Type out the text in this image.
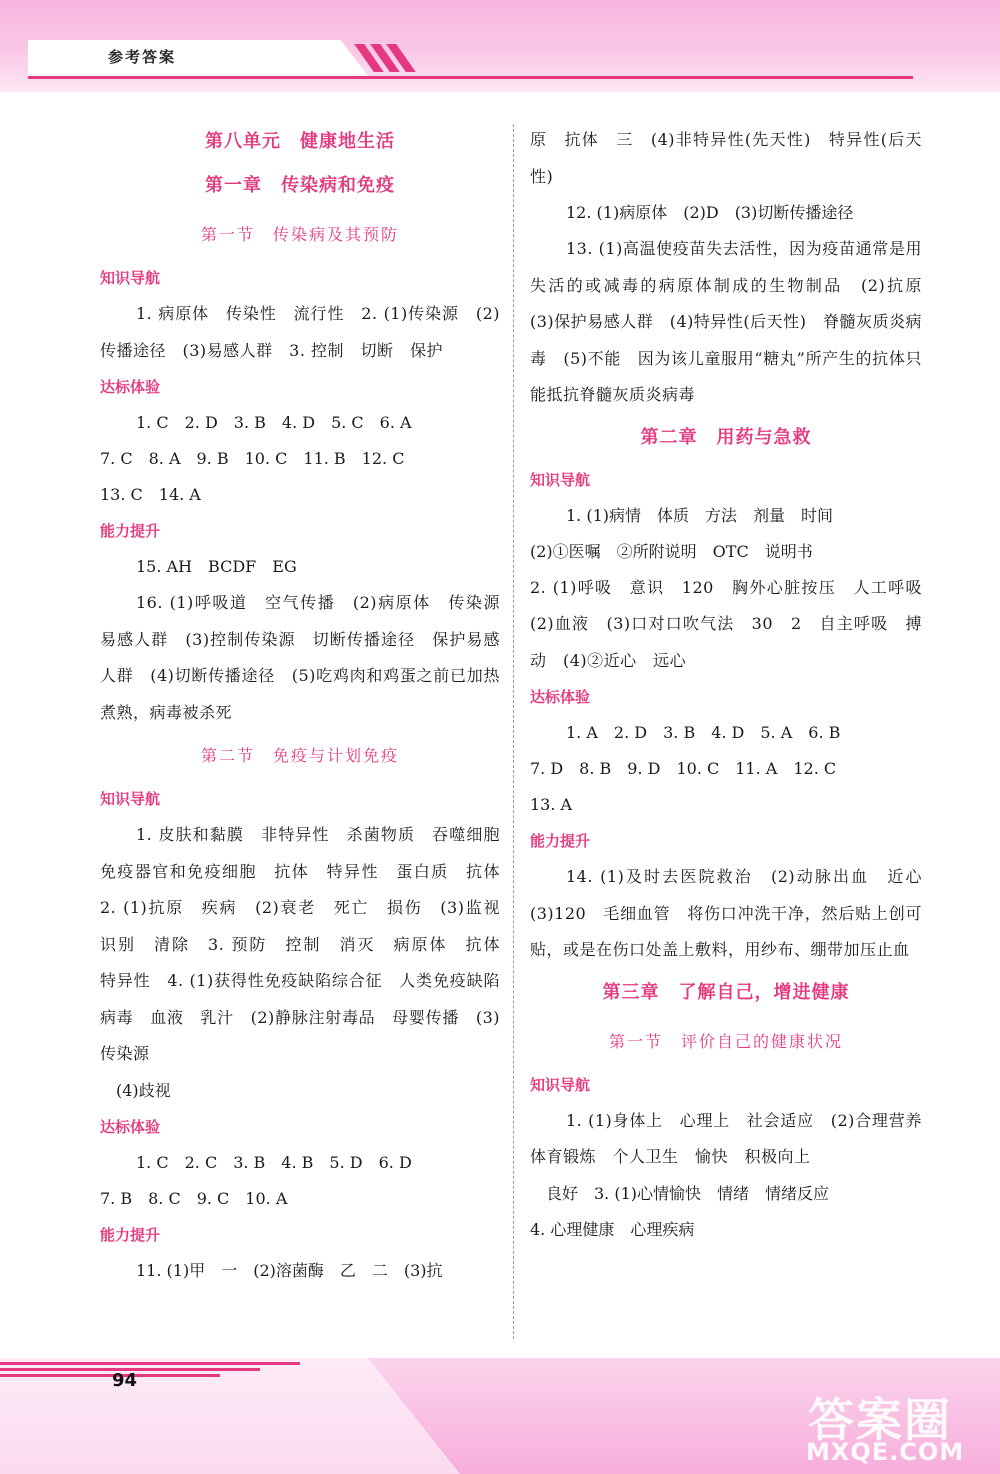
参考答案
第八单元　健康地生活
第一章　传染病和免疫
第一节　传染病及其预防
知识导航
1. 病原体　传染性　流行性　2. (1)传染源　(2)传播途径　(3)易感人群　3. 控制　切断　保护
达标体验
1. C　2. D　3. B　4. D　5. C　6. A
7. C　8. A　9. B　10. C　11. B　12. C
13. C　14. A
能力提升
15. AH　BCDF　EG
16. (1)呼吸道　空气传播　(2)病原体　传染源　易感人群　(3)控制传染源　切断传播途径　保护易感人群　(4)切断传播途径　(5)吃鸡肉和鸡蛋之前已加热煮熟，病毒被杀死
第二节　免疫与计划免疫
知识导航
1. 皮肤和黏膜　非特异性　杀菌物质　吞噬细胞　免疫器官和免疫细胞　抗体　特异性　蛋白质　抗体　2. (1)抗原　疾病　(2)衰老　死亡　损伤　(3)监视　识别　清除　3. 预防　控制　消灭　病原体　抗体　特异性　4. (1)获得性免疫缺陷综合征　人类免疫缺陷病毒　血液　乳汁　(2)静脉注射毒品　母婴传播　(3)传染源
(4)歧视
达标体验
1. C　2. C　3. B　4. B　5. D　6. D
7. B　8. C　9. C　10. A
能力提升
11. (1)甲　一　(2)溶菌酶　乙　二　(3)抗
原　抗体　三　(4)非特异性(先天性)　特异性(后天性)
12. (1)病原体　(2)D　(3)切断传播途径
13. (1)高温使疫苗失去活性，因为疫苗通常是用失活的或减毒的病原体制成的生物制品　(2)抗原　(3)保护易感人群　(4)特异性(后天性)　脊髓灰质炎病毒　(5)不能　因为该儿童服用“糖丸”所产生的抗体只能抵抗脊髓灰质炎病毒
第二章　用药与急救
知识导航
1. (1)病情　体质　方法　剂量　时间
(2)①医嘱　②所附说明　OTC　说明书
2. (1)呼吸　意识　120　胸外心脏按压　人工呼吸　(2)血液　(3)口对口吹气法　30　2　自主呼吸　搏动　(4)②近心　远心
达标体验
1. A　2. D　3. B　4. D　5. A　6. B
7. D　8. B　9. D　10. C　11. A　12. C
13. A
能力提升
14. (1)及时去医院救治　(2)动脉出血　近心　(3)120　毛细血管　将伤口冲洗干净，然后贴上创可贴，或是在伤口处盖上敷料，用纱布、绷带加压止血
第三章　了解自己，增进健康
第一节　评价自己的健康状况
知识导航
1. (1)身体上　心理上　社会适应　(2)合理营养　体育锻炼　个人卫生　愉快　积极向上
良好　3. (1)心情愉快　情绪　情绪反应
4. 心理健康　心理疾病
94
答案圈
MXQE.COM
